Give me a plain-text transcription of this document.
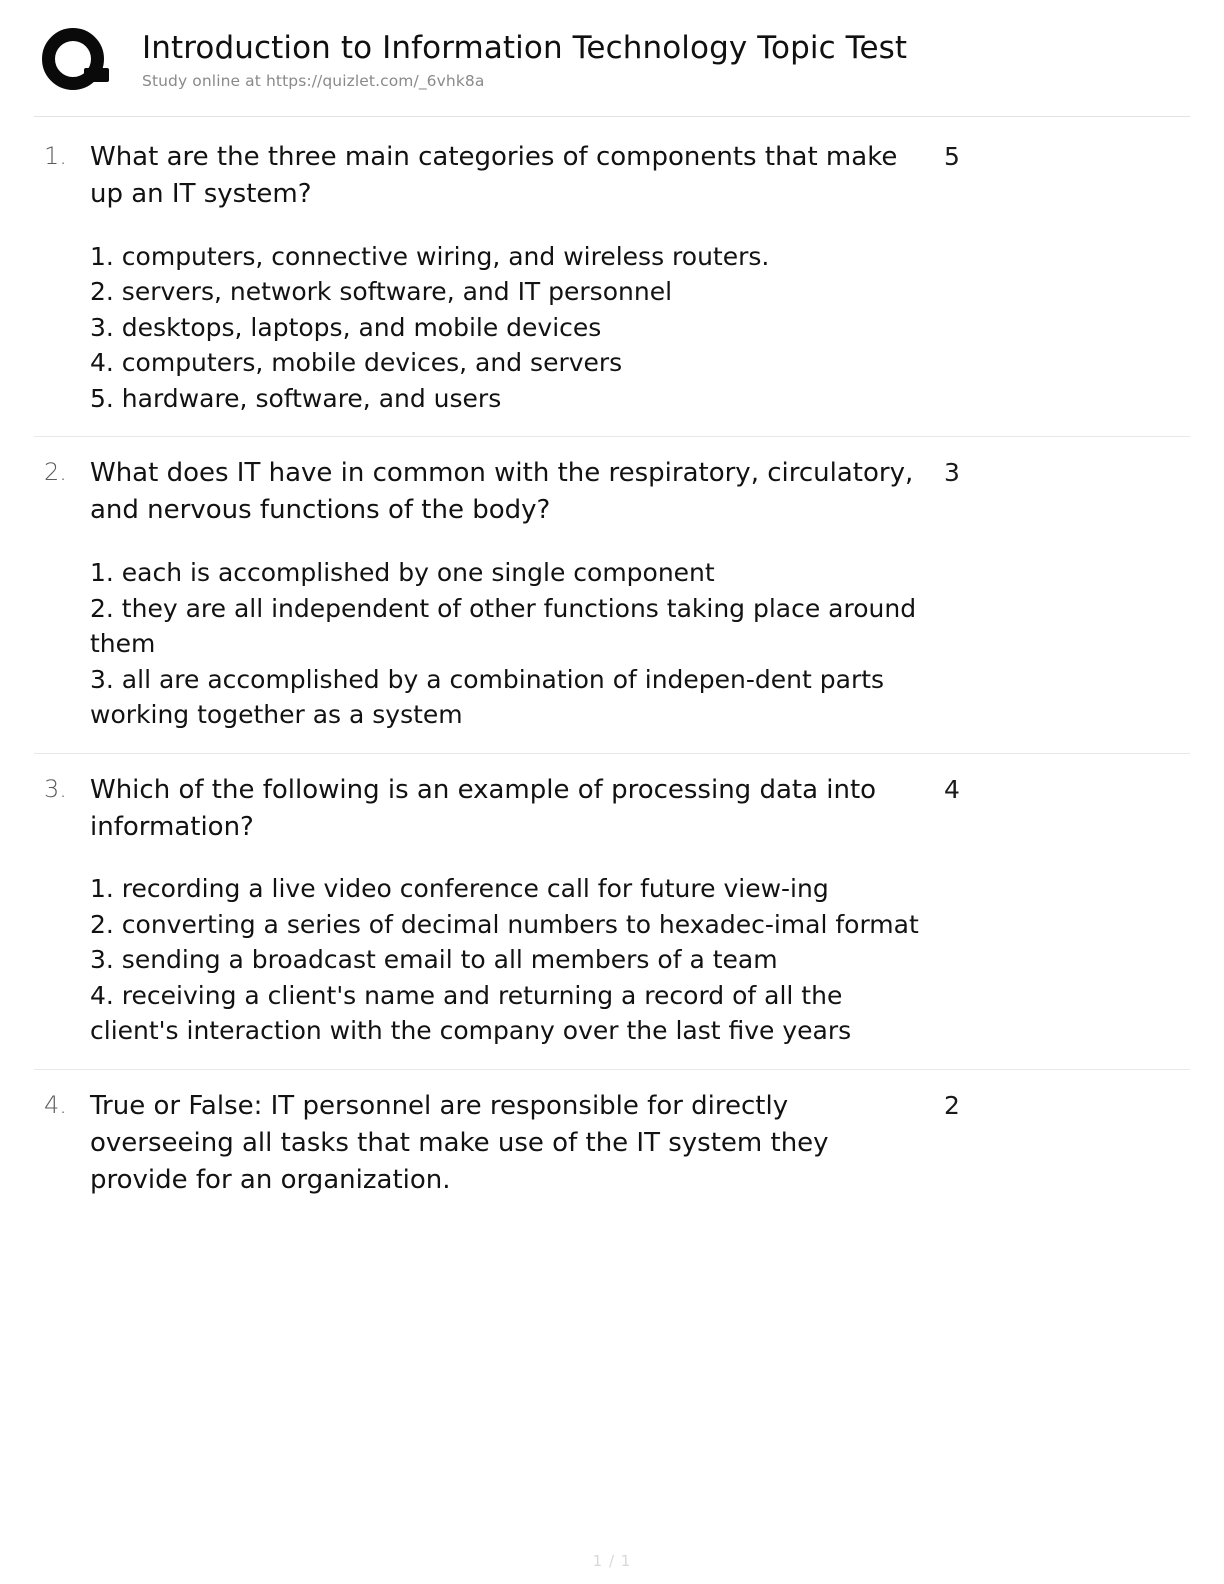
Introduction to Information Technology Topic Test
Study online at https://quizlet.com/_6vhk8a
1. What are the three main categories of components that make up an IT system?
1. computers, connective wiring, and wireless routers.
2. servers, network software, and IT personnel
3. desktops, laptops, and mobile devices
4. computers, mobile devices, and servers
5. hardware, software, and users
5
2. What does IT have in common with the respiratory, circulatory, and nervous functions of the body?
1. each is accomplished by one single component
2. they are all independent of other functions taking place around them
3. all are accomplished by a combination of indepen-dent parts working together as a system
3
3. Which of the following is an example of processing data into information?
1. recording a live video conference call for future view-ing
2. converting a series of decimal numbers to hexadec-imal format
3. sending a broadcast email to all members of a team
4. receiving a client's name and returning a record of all the client's interaction with the company over the last five years
4
4. True or False: IT personnel are responsible for directly overseeing all tasks that make use of the IT system they provide for an organization.
2
1 / 1
